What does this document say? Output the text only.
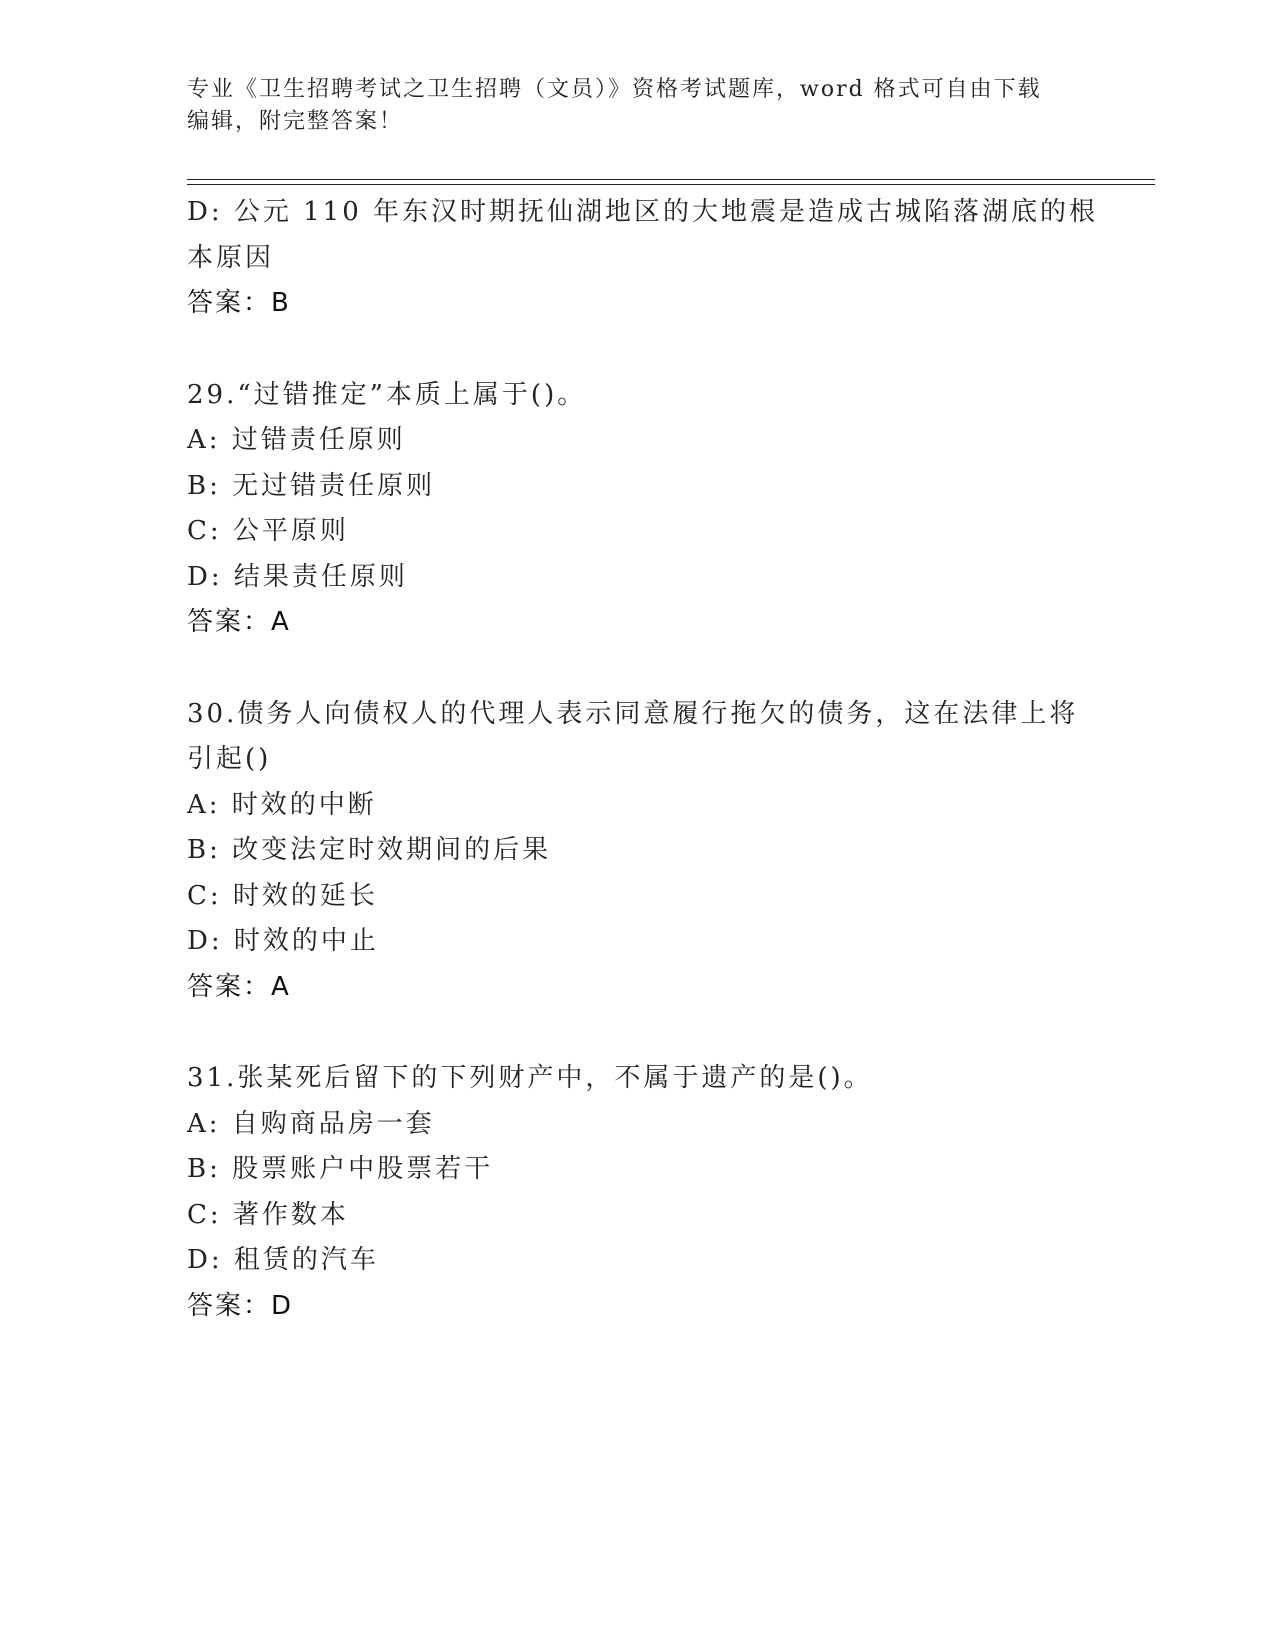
专业《卫生招聘考试之卫生招聘（文员）》资格考试题库，word 格式可自由下载
编辑，附完整答案！
D: 公元 110 年东汉时期抚仙湖地区的大地震是造成古城陷落湖底的根
本原因
答案：B
29.“过错推定”本质上属于()。
A: 过错责任原则
B: 无过错责任原则
C: 公平原则
D: 结果责任原则
答案：A
30.债务人向债权人的代理人表示同意履行拖欠的债务，这在法律上将
引起()
A: 时效的中断
B: 改变法定时效期间的后果
C: 时效的延长
D: 时效的中止
答案：A
31.张某死后留下的下列财产中，不属于遗产的是()。
A: 自购商品房一套
B: 股票账户中股票若干
C: 著作数本
D: 租赁的汽车
答案：D
